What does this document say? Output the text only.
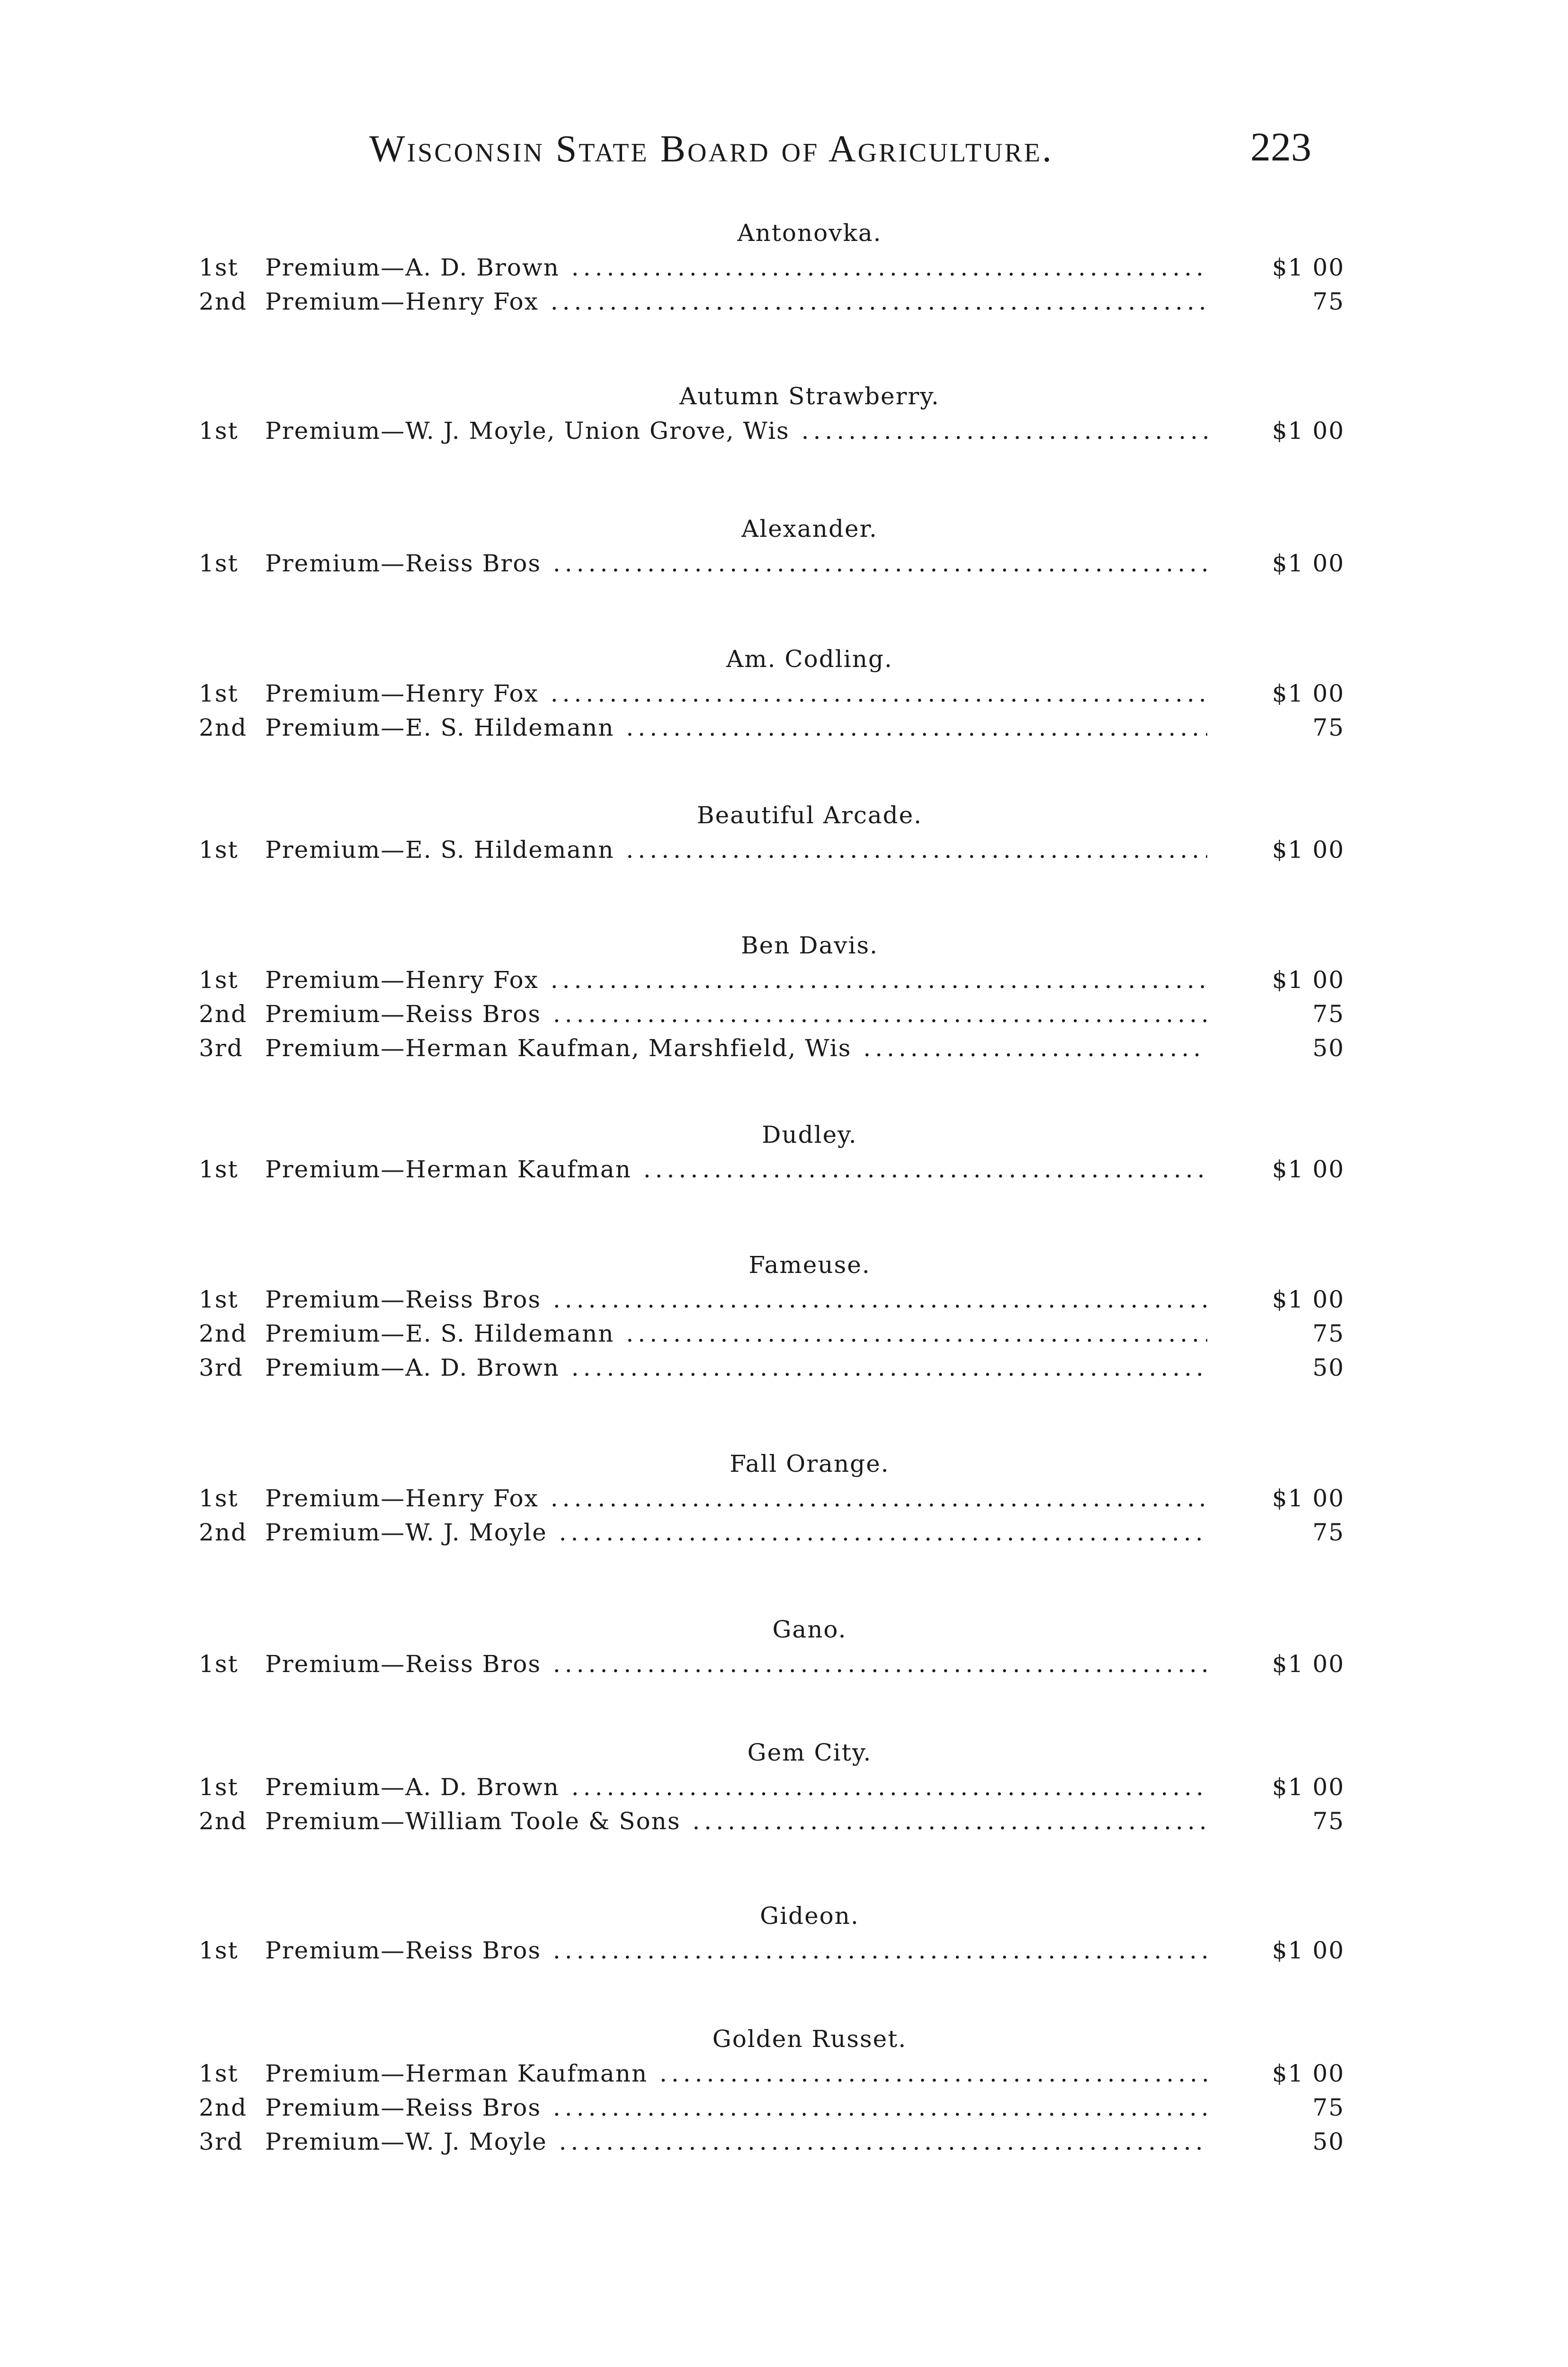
Wisconsin State Board of Agriculture.	223
Antonovka.
1st Premium—A. D. Brown .....	$1 00
2nd Premium—Henry Fox .....	75
Autumn Strawberry.
1st Premium—W. J. Moyle, Union Grove, Wis .....	$1 00
Alexander.
1st Premium—Reiss Bros .....	$1 00
Am. Codling.
1st Premium—Henry Fox .....	$1 00
2nd Premium—E. S. Hildemann .....	75
Beautiful Arcade.
1st Premium—E. S. Hildemann .....	$1 00
Ben Davis.
1st Premium—Henry Fox .....	$1 00
2nd Premium—Reiss Bros .....	75
3rd Premium—Herman Kaufman, Marshfield, Wis .....	50
Dudley.
1st Premium—Herman Kaufman .....	$1 00
Fameuse.
1st Premium—Reiss Bros .....	$1 00
2nd Premium—E. S. Hildemann .....	75
3rd Premium—A. D. Brown .....	50
Fall Orange.
1st Premium—Henry Fox .....	$1 00
2nd Premium—W. J. Moyle .....	75
Gano.
1st Premium—Reiss Bros .....	$1 00
Gem City.
1st Premium—A. D. Brown .....	$1 00
2nd Premium—William Toole & Sons .....	75
Gideon.
1st Premium—Reiss Bros .....	$1 00
Golden Russet.
1st Premium—Herman Kaufmann .....	$1 00
2nd Premium—Reiss Bros .....	75
3rd Premium—W. J. Moyle .....	50
